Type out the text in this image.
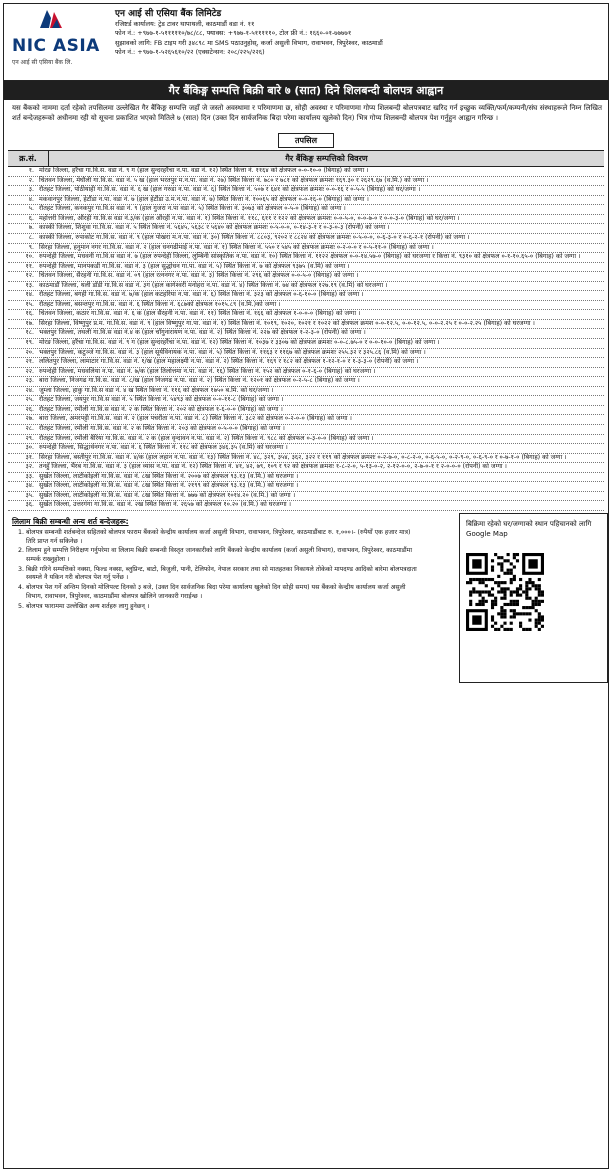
NIC ASIA
एन आई सी एसिया बैंक लि.
एन आई सी एसिया बैंक लिमिटेड
रजिष्टर्ड कार्यालय: ट्रेड टावर थापाथली, काठमाडौं वडा नं. ११
फोन नं.: +९७७-१-५१११११०/७८/८८, फ्याक्स: +९७७-१-५१११११०, टोल फ्री नं.: १६६०-०१-७७७७१
सुझावको लागि: FB टाइप गरी ३४८९८ मा SMS पठाउनुहोस्, कर्जा असुली विभाग, रावाभवन, त्रिपुरेश्वर, काठमाडौं
फोन नं.: +९७७-१-५२६५६१०/२२ (एक्सटेन्सन: २०८/२२५/२२६)
गैर बैंकिङ्ग सम्पत्ति बिक्री बारे ७ (सात) दिने शिलबन्दी बोलपत्र आह्वान
यस बैंकको नाममा दर्ता रहेको तपसिलमा उल्लेखित गैर बैंकिङ्ग सम्पत्ति जहाँ जे जस्तो अवस्थामा र परिमाणमा छ, सोही अवस्था र परिमाणमा गोप्य शिलबन्दी बोलपत्रबाट खरिद गर्न इच्छुक व्यक्ति/फर्म/कम्पनी/संघ संस्थाहरूले निम्न लिखित शर्त बन्देजहरूको अधीनमा रही यो सूचना प्रकाशित भएको मितिले ७ (सात) दिन (उक्त दिन सार्वजनिक बिदा परेमा कार्यालय खुलेको दिन) भित्र गोप्य शिलबन्दी बोलपत्र पेश गर्नुहुन आह्वान गरिन्छ ।
तपसिल
क्र.सं.	गैर बैंकिङ्ग सम्पत्तिको विवरण
१. मोरङ जिल्ला, हरैंचा गा.वि.स. वडा नं. ९ ग (हाल सुन्दरहरैंचा न.पा. वडा नं. १२) स्थित कित्ता नं. ११६४ को क्षेत्रफल ०-०-१०-० (बिगाह) को जग्गा ।
२. चितवन जिल्ला, मेघौली गा.वि.स. वडा नं. ५ ख (हाल भरतपुर म.न.पा. वडा नं. २७) स्थित कित्ता नं. ७८० र ७८१ को क्षेत्रफल क्रमशः १६९.३० र २६२९.६७ (व.मि.) को जग्गा ।
३. रौतहट जिल्ला, पोठीयाही गा.वि.स. वडा नं. ६ ख (हाल गरुडा न.पा. वडा नं. ६) स्थित कित्ता नं. ५०७ र ६४१ को क्षेत्रफल क्रमशः ०-०-१६ र ०-५-५ (बिगाह) को घर/जग्गा ।
४. मकवानपुर जिल्ला, हेटौंडा न.पा. वडा नं. ७ (हाल हेटौंडा उ.म.न.पा. वडा नं. ७) स्थित कित्ता नं. १००६५ को क्षेत्रफल ०-०-१६-० (बिगाह) को जग्गा ।
५. रौतहट जिल्ला, कनकपुर गा.वि.स वडा नं. ९ (हाल गुजरा न.पा वडा नं. ५) स्थित कित्ता नं. ३०७३ को क्षेत्रफल ०-५-० (बिगाह) को जग्गा ।
६. महोत्तरी जिल्ला, औरही गा.वि.स वडा नं.३/क (हाल औरही न.पा. वडा नं. १) स्थित कित्ता नं. ११८, ६११ र १२२ को क्षेत्रफल क्रमशः ०-०-५-०, ०-०-७-० र ०-०-३-० (बिगाह) को घर/जग्गा ।
७. कास्की जिल्ला, शिशुवा गा.वि.स. वडा नं. ५ स्थित कित्ता नं. ५६४५, ५६३८ र ५६४० को क्षेत्रफल क्रमशः ०-५-०-०, ०-१४-३-१ र ०-३-०-३ (रोपनी) को जग्गा ।
८. कास्की जिल्ला, रुपाकोट गा.वि.स. वडा नं. ९ (हाल पोखरा म.न.पा. वडा नं. ३०) स्थित कित्ता नं. ८८०३, ९२०२ र ८८२४ को क्षेत्रफल क्रमशः ०-५-०-०, ०-६-३-० र ०-६-२-१ (रोपनी) को जग्गा ।
९. सिरहा जिल्ला, हनुमान नगर गा.वि.स. वडा नं. २ (हाल धनगढीमाई न.पा. वडा नं. १) स्थित कित्ता नं. ५५० र ५४५ को क्षेत्रफल क्रमशः ०-२-०-० र ०-५-११-० (बिगाह) को जग्गा ।
१०. रुपन्देही जिल्ला, मधवनी गा.वि.स वडा नं. ७ (हाल रुपन्देही जिल्ला, लुम्बिनी सांस्कृतिक न.पा. वडा नं. १०) स्थित कित्ता नं. ११२२ क्षेत्रफल ०-०-१४.५७-० (बिगाह) को घरजग्गा र कित्ता नं. ९३१० को क्षेत्रफल ०-१-१०.६५-० (बिगाह) को जग्गा ।
११. रुपन्देही जिल्ला, मानपकडी गा.वि.स. वडा नं. ३ (हाल सुद्धोधन गा.पा. वडा नं. ५) स्थित कित्ता नं. ७ को क्षेत्रफल ९३७५ (व.मि) को जग्गा ।
१२. चितवन जिल्ला, सैरहनी गा.वि.स. वडा नं. ०९ (हाल रत्ननगर न.पा. वडा नं. ३) स्थित कित्ता नं. २९६ को क्षेत्रफल ०-०-५-० (बिगाह) को जग्गा ।
१३. काठमाडौं जिल्ला, थली डाँडी गा.वि.स वडा नं. ३ग (हाल कागेश्वरी मनोहरा न.पा. वडा नं. ४) स्थित कित्ता नं. ७४ को क्षेत्रफल १२७.१९ (व.मि) को घरजग्गा ।
१४. रौतहट जिल्ला, बगही गा.वि.स. वडा नं. ७/क (हाल कटहरिया न.पा. वडा नं. ६) स्थित कित्ता नं. ३२३ को क्षेत्रफल ०-६-१०-० (बिगाह) को जग्गा ।
१५. रौतहट जिल्ला, बसन्तपुर गा.वि.स. वडा नं. ६ स्थित कित्ता नं. ६८७को क्षेत्रफल १०१५.८९ (व.मि.)को जग्गा ।
१६. चितवन जिल्ला, कठार गा.वि.स. वडा नं. ६ क (हाल सैरहनी न.पा. वडा नं. ११) स्थित कित्ता नं. १६६ को क्षेत्रफल १-०-०-० (बिगाह) को जग्गा ।
१७. सिरहा जिल्ला, विष्णुपुर प्र.म. गा.वि.स. वडा नं. ९ (हाल विष्णुपुर गा.पा. वडा नं. १) स्थित कित्ता नं. १०१९, १०२०, १०२१ र १०२२ को क्षेत्रफल क्रमश ०-०-१२.५, ०-०-१२.५, ०-०-२.२५ र ०-०-२.२५ (बिगाह) को घरजग्गा ।
१८. भक्तपुर जिल्ला, तथली गा.वि.स वडा नं.४ क (हाल चाँगुनारायण न.पा. वडा नं. २) स्थित कित्ता नं. २२७ को क्षेत्रफल १-२-३-० (रोपनी) को जग्गा ।
१९. मोरङ जिल्ला, हरैंचा गा.वि.स. वडा नं. ९ ग (हाल सुन्दरहरैंचा न.पा. वडा नं. १२) स्थित कित्ता नं. १०३७ र ३३०७ को क्षेत्रफल क्रमशः ०-०-८.७५-० र ०-०-१०-० (बिगाह) को जग्गा ।
२०. भक्तपुर जिल्ला, कटुञ्जे गा.वि.स. वडा नं. ३ (हाल सूर्यविनायक न.पा. वडा नं. ५) स्थित कित्ता नं. ११६३ र ११६७ को क्षेत्रफल क्रमशः २५५.३२ र ३२५.८६ (व.मि) को जग्गा ।
२१. ललितपुर जिल्ला, लामाटार गा.वि.स. वडा नं. १/ख (हाल महालक्ष्मी न.पा. वडा नं. २) स्थित कित्ता नं. १६९ र १८२ को क्षेत्रफल १-१२-१-० र १-३-३-० (रोपनी) को जग्गा ।
२२. रुपन्देही जिल्ला, मधवलिया न.पा. वडा नं. ७/क (हाल तिलोत्तमा न.पा. वडा नं. १६) स्थित कित्ता नं. १५२ को क्षेत्रफल ०-१-६-० (बिगाह) को घरजग्गा ।
२३. बारा जिल्ला, निजगढ गा.वि.स. वडा नं. ८/ख (हाल निजगढ न.पा. वडा नं. २) स्थित कित्ता नं. १२०१ को क्षेत्रफल ०-२-५-८ (बिगाह) को जग्गा ।
२४. जुम्ला जिल्ला, हाकु गा.वि.स वडा नं. ४ ख स्थित कित्ता नं. ११६ को क्षेत्रफल १७५० ब.मि. को घर/जग्गा ।
२५. रौतहट जिल्ला, जयपुर गा.वि.स वडा नं. ५ स्थित कित्ता नं. ५४९३ को क्षेत्रफल ०-०-११-८ (बिगाह) को जग्गा ।
२६. रौतहट जिल्ला, रमौली गा.वि.स वडा नं. २ क स्थित कित्ता नं. २०२ को क्षेत्रफल १-६-०-० (बिगाह) को जग्गा ।
२७. बारा जिल्ला, अमरपट्टी गा.वि.स. वडा नं. २ (हाल पचरौता न.पा. वडा नं. ८) स्थित कित्ता नं. ३८२ को क्षेत्रफल ०-२-०-० (बिगाह) को जग्गा ।
२८. रौतहट जिल्ला, रमौली गा.वि.स. वडा नं. २ क स्थित कित्ता नं. २०३ को क्षेत्रफल ०-५-०-० (बिगाह) को जग्गा ।
२९. रौतहट जिल्ला, रमौली बैरिया गा.वि.स. वडा नं. २ क (हाल वृन्दावन न.पा. वडा नं. २) स्थित कित्ता नं. ९८८ को क्षेत्रफल ०-३-०-० (बिगाह) को जग्गा ।
३०. रुपन्देही जिल्ला, सिद्धार्थनगर न.पा. वडा नं. ६ स्थित कित्ता नं. ११८ को क्षेत्रफल ३४६.३५ (व.मि) को घरजग्गा ।
३१. सिरहा जिल्ला, बस्तीपुर गा.वि.स. वडा नं. ४/क (हाल लहान न.पा. वडा नं. १३) स्थित कित्ता नं. ४८, ३२९, ३५४, ३६२, ३२२ र ११९ को क्षेत्रफल क्रमशः ०-२-७-०, ०-८-२-०, ०-६-५-०, ०-२-९-०, ०-६-९-० र ०-७-१-० (बिगाह) को जग्गा ।
३२. तनहुँ जिल्ला, भैंरब गा.वि.स. वडा नं. ३ (हाल व्यास न.पा. वडा नं. १२) स्थित कित्ता नं. ४१, ४२, ७९, १०९ र ९२ को क्षेत्रफल क्रमशः १-८-२-०, ५-१३-०-२, २-१२-०-०, २-७-०-१ र २-०-०-० (रोपनी) को जग्गा ।
३३. सुर्खेत जिल्ला, लाटीकोइली गा.वि.स. वडा नं. ८ख स्थित कित्ता नं. २००७ को क्षेत्रफल ९३.१३ (व.मि.) को घरजग्गा ।
३४. सुर्खेत जिल्ला, लाटीकोइली गा.वि.स. वडा नं. ८ख स्थित कित्ता नं. २१९९ को क्षेत्रफल ९३.१३ (व.मि.) को घरजग्गा ।
३५. सुर्खेत जिल्ला, लाटीकोइली गा.वि.स. वडा नं. ८ख स्थित कित्ता नं. ७७७ को क्षेत्रफल १०१४.२० (व.मि.) को जग्गा ।
३६. सुर्खेत जिल्ला, उत्तरगंगा गा.वि.स. वडा नं. २ख स्थित कित्ता नं. २६५७ को क्षेत्रफल १०.२० (व.मि.) को घरजग्गा ।
लिलाम बिक्री सम्बन्धी अन्य शर्त बन्देजहरू:
1. बोलपत्र सम्बन्धी शर्तबन्देज सहितको बोलपत्र फाराम बैंकको केन्द्रीय कार्यालय कर्जा असुली विभाग, रावाभवन, त्रिपुरेश्वर, काठमाडौंबाट रु. १,०००।- (रुपैयाँ एक हजार मात्र) तिरि प्राप्त गर्न सकिनेछ ।
2. लिलाम हुने सम्पत्ति निरीक्षण गर्नुपरेमा वा लिलाम बिक्री सम्बन्धी विस्तृत जानकारीको लागि बैंकको केन्द्रीय कार्यालय (कर्जा असुली विभाग), रावाभवन, त्रिपुरेश्वर, काठमाडौंमा सम्पर्क राख्नुहोला ।
3. बिक्री गरिने सम्पत्तिको नक्सा, फिल्ड नक्सा, ब्लुप्रिन्ट, बाटो, बिजुली, पानी, टेलिफोन, नेपाल सरकार तथा सो मातहतका निकायले तोकेको मापदण्ड आदिको बारेमा बोलपत्रदाता स्वयम्ले नै यकिन गरी बोलपत्र पेश गर्नु पर्नेछ ।
4. बोलपत्र पेश गर्ने अन्तिम दिनको मोलिपल्ट दिनको ३ बजे, (उक्त दिन सार्वजनिक बिदा परेमा कार्यालय खुलेको दिन सोही समय) यस बैंकको केन्द्रीय कार्यालय कर्जा असुली विभाग, रावाभवन, त्रिपुरेश्वर, काठमाडौंमा बोलपत्र खोलिने जानकारी गराईन्छ ।
5. बोलपत्र फाराममा उल्लेखित अन्य शर्तहरु लागु हुनेछन् ।
बिक्रिमा रहेको घर/जग्गाको स्थान पहिचानको लागि Google Map
